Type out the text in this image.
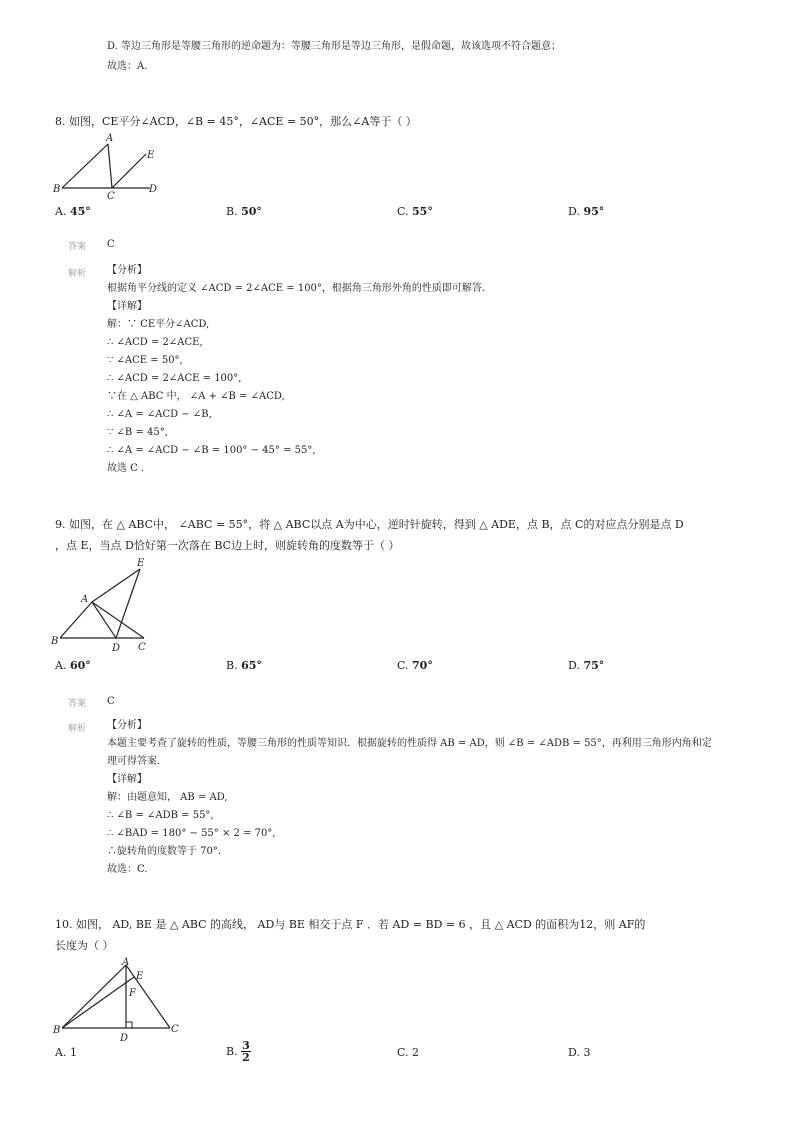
D. 等边三角形是等腰三角形的逆命题为：等腰三角形是等边三角形，是假命题，故该选项不符合题意；
故选：A.
8. 如图，CE平分∠ACD，∠B = 45°，∠ACE = 50°，那么∠A等于（ ）
A
E
B
C
D
A. 45°	B. 50°	C. 55°	D. 95°
答案 C
解析 【分析】
根据角平分线的定义 ∠ACD = 2∠ACE = 100°，根据角三角形外角的性质即可解答.
【详解】
解：∵ CE平分∠ACD,
∴ ∠ACD = 2∠ACE,
∵ ∠ACE = 50°,
∴ ∠ACD = 2∠ACE = 100°,
∵在 △ ABC 中， ∠A + ∠B = ∠ACD,
∴ ∠A = ∠ACD − ∠B,
∵ ∠B = 45°,
∴ ∠A = ∠ACD − ∠B = 100° − 45° = 55°,
故选 C .
9. 如图，在 △ ABC中， ∠ABC = 55°，将 △ ABC以点 A为中心，逆时针旋转，得到 △ ADE，点 B，点 C的对应点分别是点 D
，点 E，当点 D恰好第一次落在 BC边上时，则旋转角的度数等于（ ）
E
A
B
D C
A. 60°	B. 65°	C. 70°	D. 75°
答案 C
解析 【分析】
本题主要考查了旋转的性质，等腰三角形的性质等知识．根据旋转的性质得 AB = AD，则 ∠B = ∠ADB = 55°，再利用三角形内角和定
理可得答案.
【详解】
解：由题意知， AB = AD,
∴ ∠B = ∠ADB = 55°,
∴ ∠BAD = 180° − 55° × 2 = 70°,
∴旋转角的度数等于 70°.
故选：C.
10. 如图， AD, BE 是 △ ABC 的高线， AD与 BE 相交于点 F ．若 AD = BD = 6 ，且 △ ACD 的面积为12，则 AF的
长度为（ ）
A
E
F
B	C
D
A. 1	B. $\frac{3}{2}$	C. 2	D. 3
